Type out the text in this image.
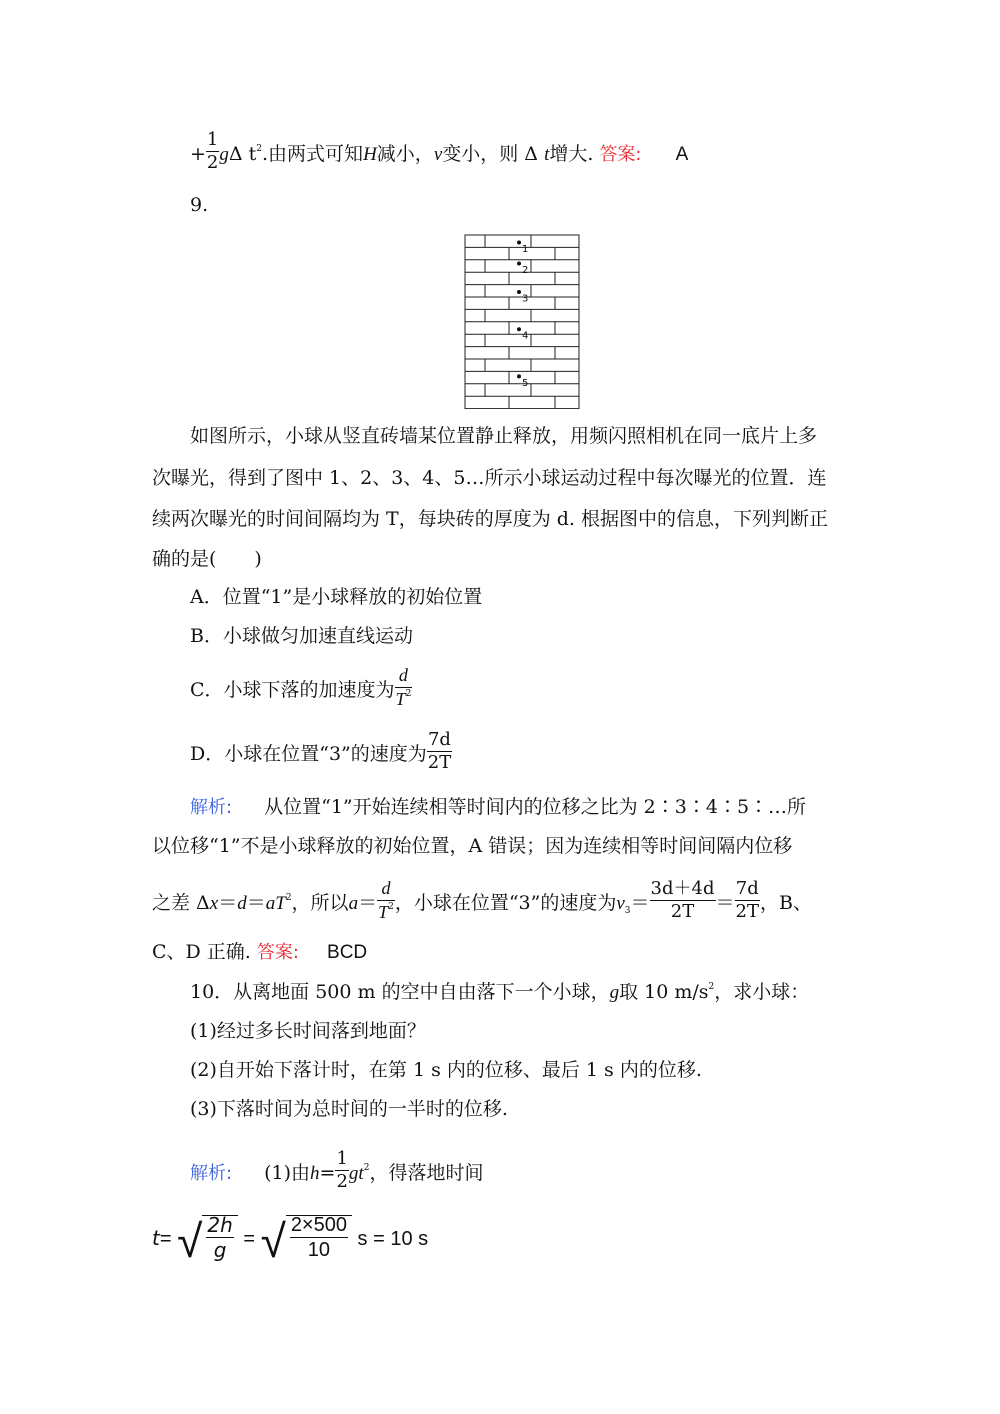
+ $\frac{1}{2}$ gΔ $t^2$.由两式可知H减小，v变小，则 Δ t增大. 答案: A
9.
1
2
3
4
5
如图所示，小球从竖直砖墙某位置静止释放，用频闪照相机在同一底片上多
次曝光，得到了图中 1、2、3、4、5…所示小球运动过程中每次曝光的位置．连
续两次曝光的时间间隔均为 T，每块砖的厚度为 d. 根据图中的信息，下列判断正
确的是(　　)
A．位置“1”是小球释放的初始位置
B．小球做匀加速直线运动
C．小球下落的加速度为 $\frac{d}{T^2}$
D．小球在位置“3”的速度为 $\frac{7d}{2T}$
解析: 从位置“1”开始连续相等时间内的位移之比为 2∶3∶4∶5∶…所
以位移“1”不是小球释放的初始位置，A 错误；因为连续相等时间间隔内位移
之差 $\Delta x=d=aT^2$，所以$a= \frac{d}{T^2}$ ，小球在位置“3”的速度为$v_3= \frac{3d+4d}{2T} = \frac{7d}{2T}$ ，B、
C、D 正确. 答案: BCD
10．从离地面 500 m 的空中自由落下一个小球，g取 10 $m/s^2$，求小球：
(1)经过多长时间落到地面？
(2)自开始下落计时，在第 1 s 内的位移、最后 1 s 内的位移.
(3)下落时间为总时间的一半时的位移.
解析: (1)由$h= \frac{1}{2} gt^2$，得落地时间
t= √ $\frac{2h}{g}$ = √ $\frac{2\times 500}{10}$ s = 10 s
